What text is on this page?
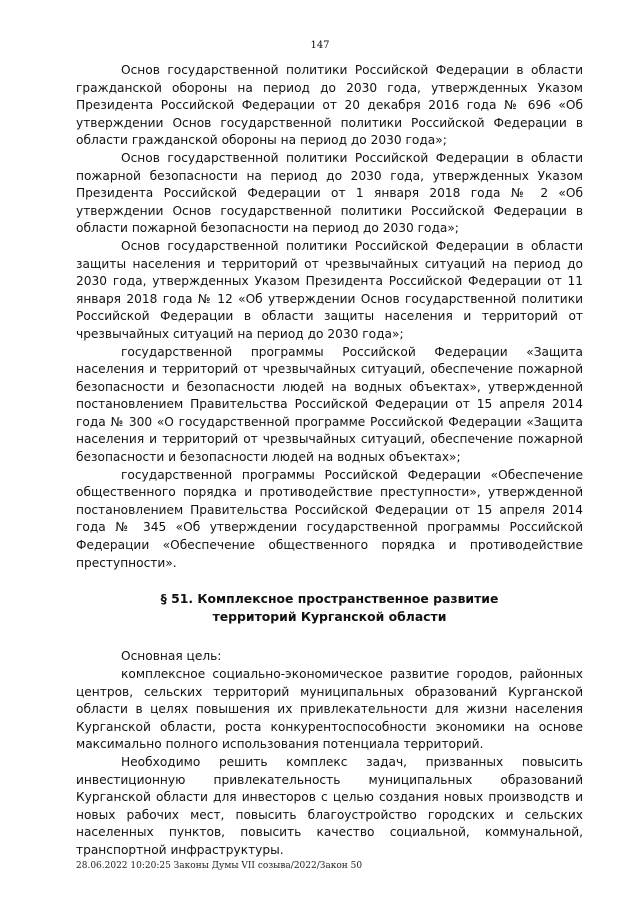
147

Основ государственной политики Российской Федерации в области гражданской обороны на период до 2030 года, утвержденных Указом Президента Российской Федерации от 20 декабря 2016 года № 696 «Об утверждении Основ государственной политики Российской Федерации в области гражданской обороны на период до 2030 года»;

Основ государственной политики Российской Федерации в области пожарной безопасности на период до 2030 года, утвержденных Указом Президента Российской Федерации от 1 января 2018 года № 2 «Об утверждении Основ государственной политики Российской Федерации в области пожарной безопасности на период до 2030 года»;

Основ государственной политики Российской Федерации в области защиты населения и территорий от чрезвычайных ситуаций на период до 2030 года, утвержденных Указом Президента Российской Федерации от 11 января 2018 года № 12 «Об утверждении Основ государственной политики Российской Федерации в области защиты населения и территорий от чрезвычайных ситуаций на период до 2030 года»;

государственной программы Российской Федерации «Защита населения и территорий от чрезвычайных ситуаций, обеспечение пожарной безопасности и безопасности людей на водных объектах», утвержденной постановлением Правительства Российской Федерации от 15 апреля 2014 года № 300 «О государственной программе Российской Федерации «Защита населения и территорий от чрезвычайных ситуаций, обеспечение пожарной безопасности и безопасности людей на водных объектах»;

государственной программы Российской Федерации «Обеспечение общественного порядка и противодействие преступности», утвержденной постановлением Правительства Российской Федерации от 15 апреля 2014 года № 345 «Об утверждении государственной программы Российской Федерации «Обеспечение общественного порядка и противодействие преступности».

§ 51. Комплексное пространственное развитие
территорий Курганской области

Основная цель:

комплексное социально-экономическое развитие городов, районных центров, сельских территорий муниципальных образований Курганской области в целях повышения их привлекательности для жизни населения Курганской области, роста конкурентоспособности экономики на основе максимально полного использования потенциала территорий.

Необходимо решить комплекс задач, призванных повысить инвестиционную привлекательность муниципальных образований Курганской области для инвесторов с целью создания новых производств и новых рабочих мест, повысить благоустройство городских и сельских населенных пунктов, повысить качество социальной, коммунальной, транспортной инфраструктуры.

28.06.2022 10:20:25 Законы Думы VII созыва/2022/Закон 50
